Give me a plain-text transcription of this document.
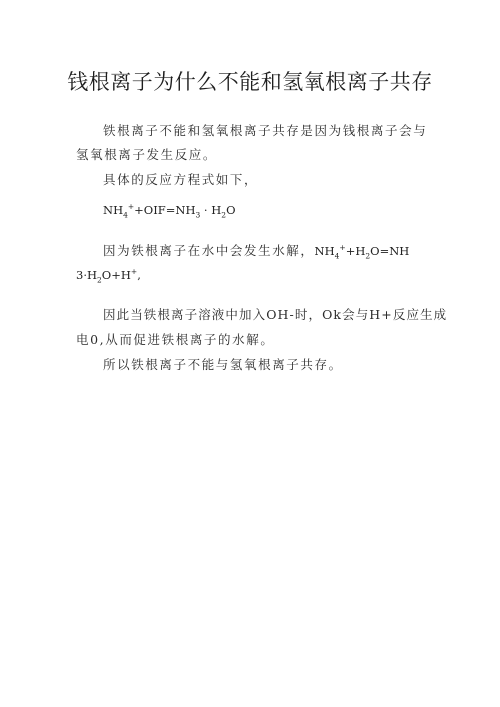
钱根离子为什么不能和氢氧根离子共存
铁根离子不能和氢氧根离子共存是因为钱根离子会与
氢氧根离子发生反应。
具体的反应方程式如下，
$NH_4^++OIF=NH_3 \cdot H_2O$
因为铁根离子在水中会发生水解，$NH_4^++H_2O=NH$
$3\cdot H_2O+H^+$,
因此当铁根离子溶液中加入OH-时，Ok会与H+反应生成
电0,从而促进铁根离子的水解。
所以铁根离子不能与氢氧根离子共存。
